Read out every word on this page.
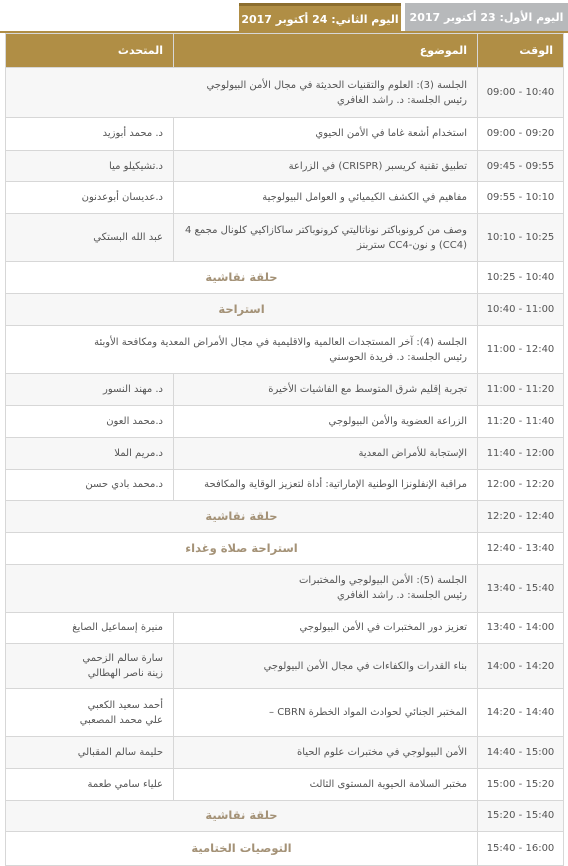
اليوم الأول: 23 أكتوبر 2017
اليوم الثاني: 24 أكتوبر 2017
الوقت	الموضوع	المتحدث
09:00 - 10:40	الجلسة (3): العلوم والتقنيات الحديثة في مجال الأمن البيولوجي
رئيس الجلسة: د. راشد الغافري	

09:00 - 09:20	استخدام أشعة غاما في الأمن الحيوي	د. محمد أبوزيد

09:45 - 09:55	تطبيق تقنية كريسبر (CRISPR) في الزراعة	د.تشيكيلو ميا

09:55 - 10:10	مفاهيم في الكشف الكيميائي و العوامل البيولوجية	د.عديسان أبوعدنون

10:10 - 10:25	وصف من كرونوباكتر نوناتاليتي كرونوباكتر ساكازاكيي كلونال مجمع 4
(CC4) و نون-CC4 ستربنز	عبد الله البستكي

10:25 - 10:40	حلقة نقاشية	
10:40 - 11:00	استراحة	
11:00 - 12:40	الجلسة (4): آخر المستجدات العالمية والاقليمية في مجال الأمراض المعدية ومكافحة الأوبئة
رئيس الجلسة: د. فريدة الحوسني	

11:00 - 11:20	تجربة إقليم شرق المتوسط مع الفاشيات الأخيرة	د. مهند النسور

11:20 - 11:40	الزراعة العضوية والأمن البيولوجي	د.محمد العون

11:40 - 12:00	الإستجابة للأمراض المعدية	د.مريم الملا

12:00 - 12:20	مراقبة الإنفلونزا الوطنية الإماراتية: أداة لتعزيز الوقاية والمكافحة	د.محمد بادي حسن

12:20 - 12:40	حلقة نقاشية	
12:40 - 13:40	استراحة صلاة وغداء	
13:40 - 15:40	الجلسة (5): الأمن البيولوجي والمختبرات
رئيس الجلسة: د. راشد الغافري	

13:40 - 14:00	تعزيز دور المختبرات في الأمن البيولوجي	منيرة إسماعيل الصايغ

14:00 - 14:20	بناء القدرات والكفاءات في مجال الأمن البيولوجي	سارة سالم الزحمي
زينة ناصر الهطالي

14:20 - 14:40	المختبر الجنائي لحوادث المواد الخطرة CBRN –	أحمد سعيد الكعبي
علي محمد المصعبي

14:40 - 15:00	الأمن البيولوجي في مختبرات علوم الحياة	حليمة سالم المقبالي

15:00 - 15:20	مختبر السلامة الحيوية المستوى الثالث	علياء سامي طعمة

15:20 - 15:40	حلقة نقاشية	
15:40 - 16:00	التوصيات الختامية	
